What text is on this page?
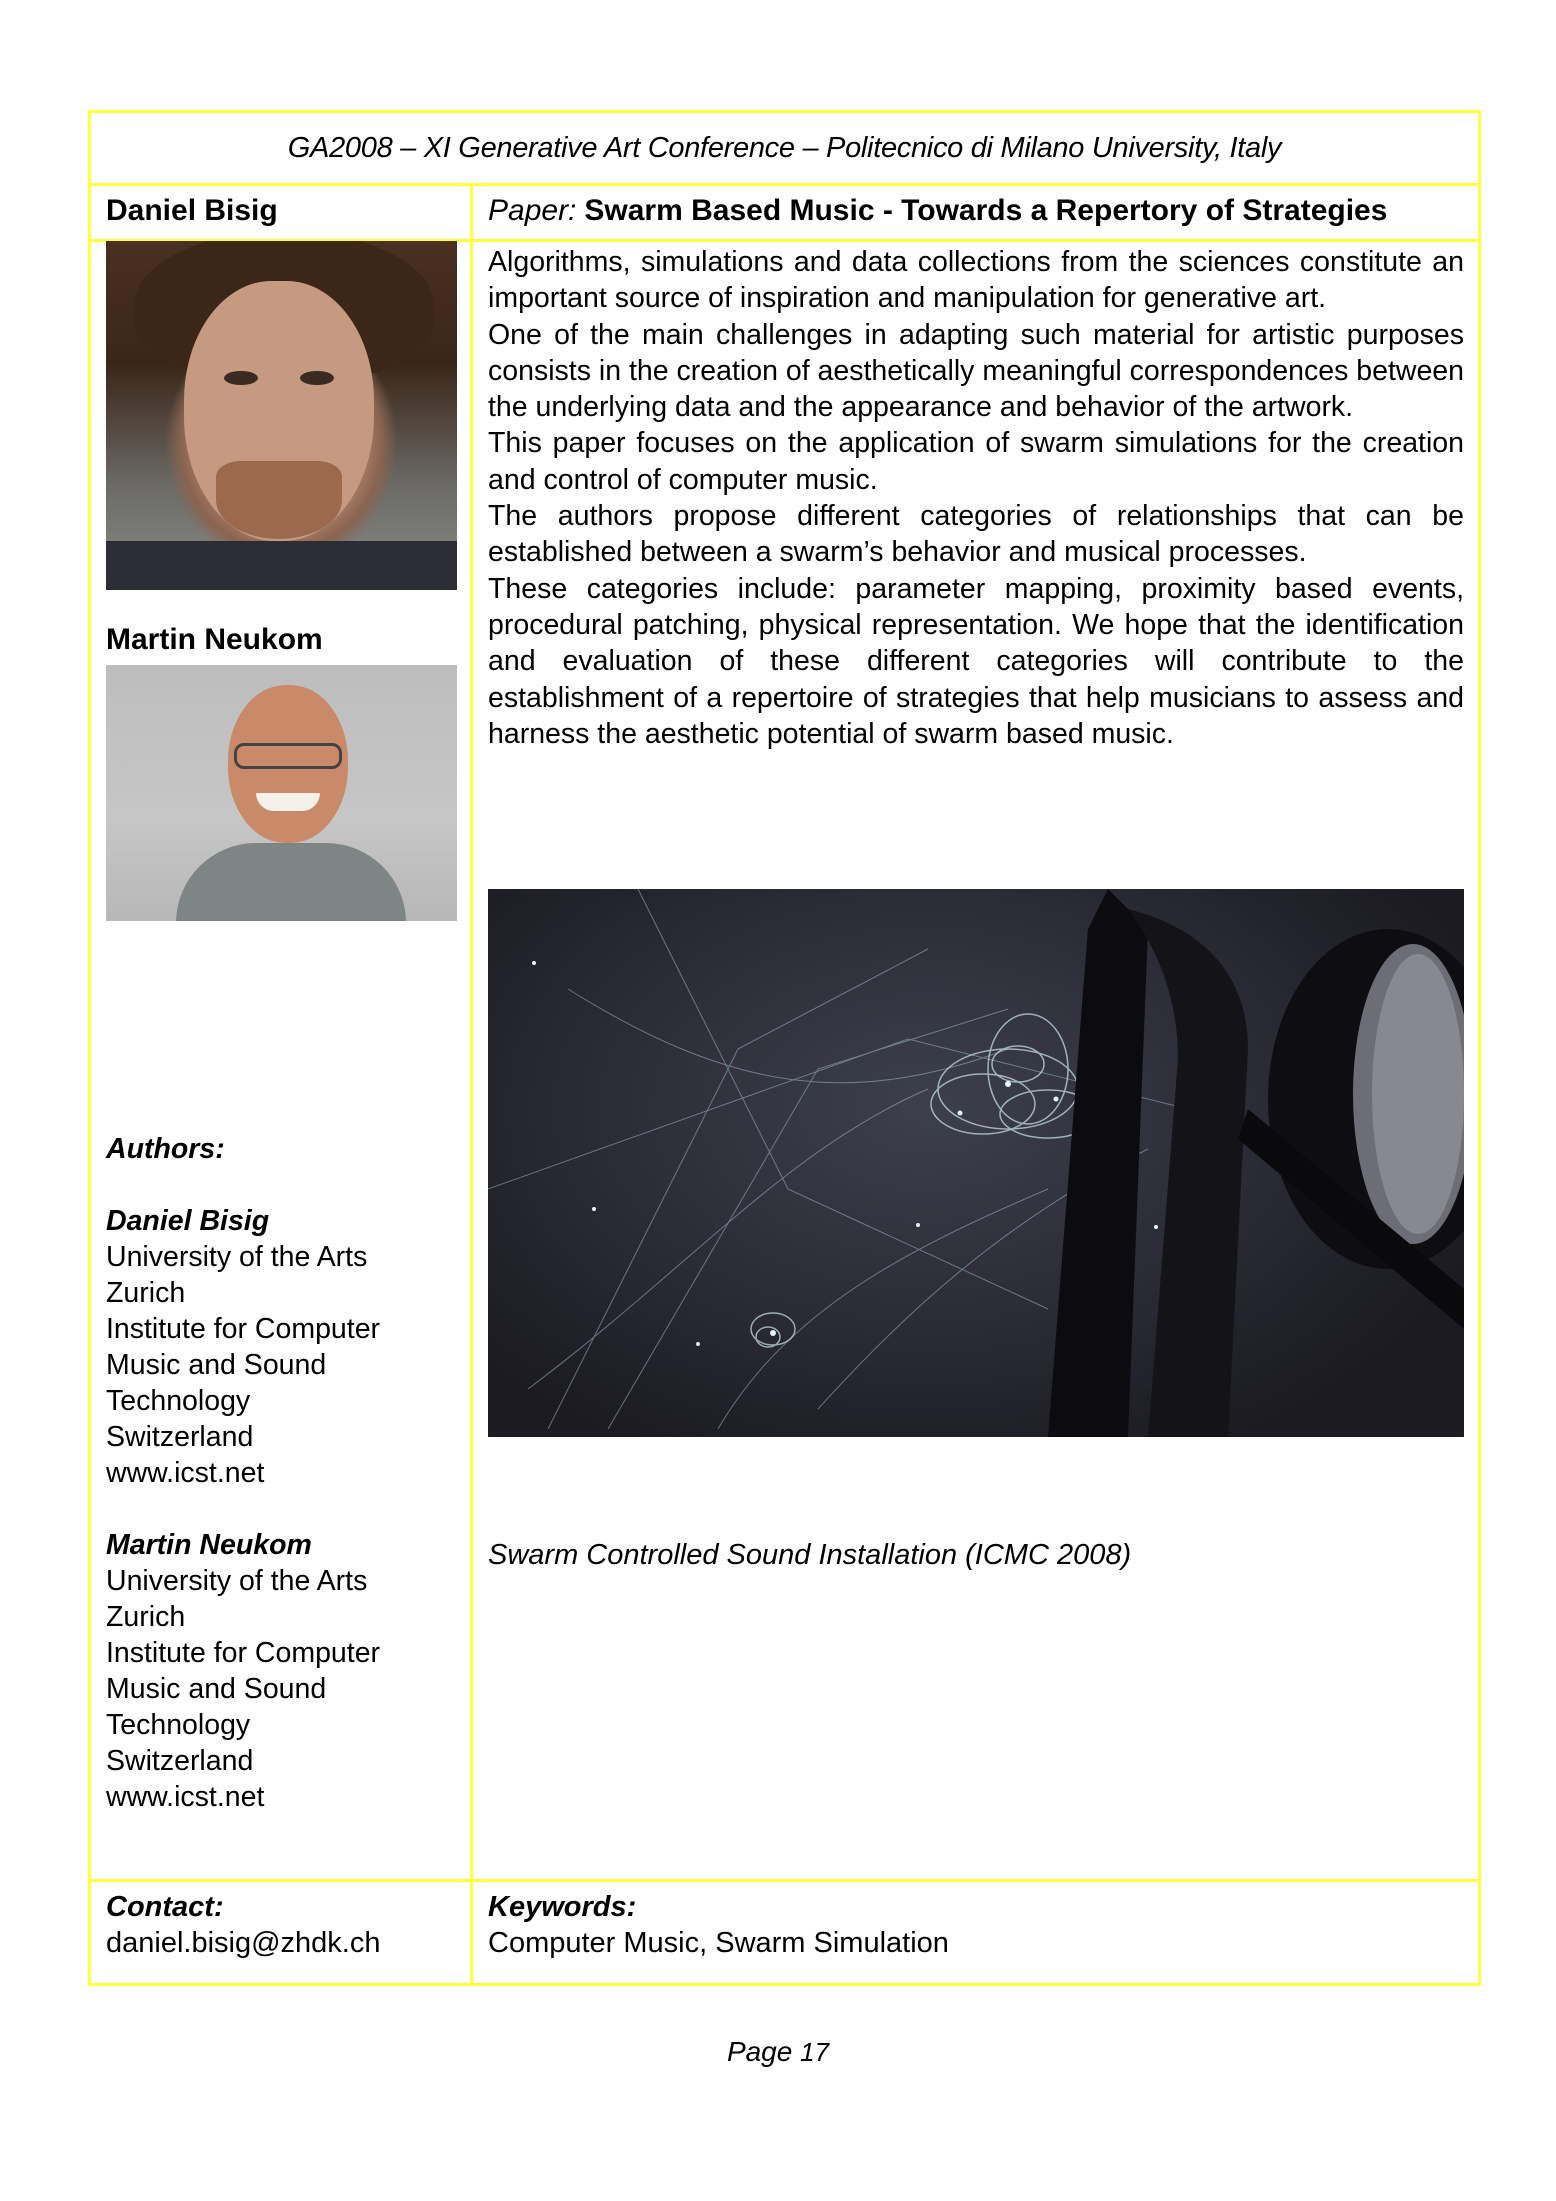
GA2008 – XI Generative Art Conference – Politecnico di Milano University, Italy
Daniel Bisig	Paper: Swarm Based Music - Towards a Repertory of Strategies
Martin Neukom

Algorithms, simulations and data collections from the sciences constitute an important source of inspiration and manipulation for generative art.

One of the main challenges in adapting such material for artistic purposes consists in the creation of aesthetically meaningful correspondences between the underlying data and the appearance and behavior of the artwork.

This paper focuses on the application of swarm simulations for the creation and control of computer music.

The authors propose different categories of relationships that can be established between a swarm’s behavior and musical processes.

These categories include: parameter mapping, proximity based events, procedural patching, physical representation. We hope that the identification and evaluation of these different categories will contribute to the establishment of a repertoire of strategies that help musicians to assess and harness the aesthetic potential of swarm based music.

Swarm Controlled Sound Installation (ICMC 2008)
Authors:
Daniel Bisig
University of the Arts
Zurich
Institute for Computer
Music and Sound
Technology
Switzerland
www.icst.net
Martin Neukom
University of the Arts
Zurich
Institute for Computer
Music and Sound
Technology
Switzerland
www.icst.net
Contact:
daniel.bisig@zhdk.ch
Keywords:
Computer Music, Swarm Simulation
Page 17
